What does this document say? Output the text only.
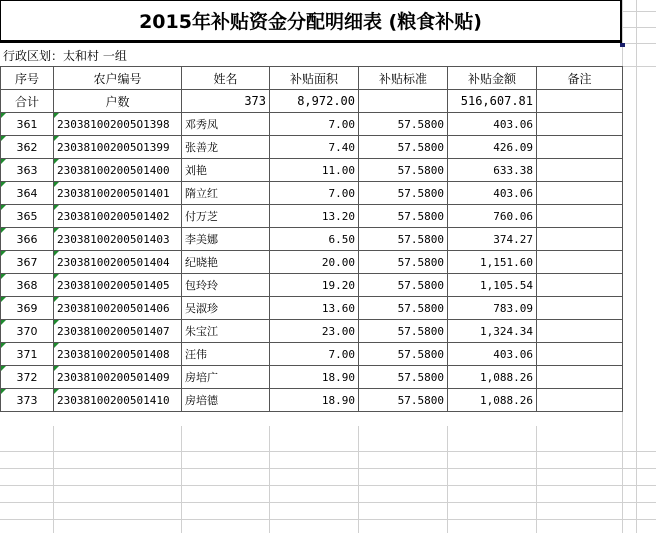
2015年补贴资金分配明细表 (粮食补贴)
行政区划：太和村 一组
序号	农户编号	姓名	补贴面积	补贴标准	补贴金额	备注
合计	户数	373	8,972.00		516,607.81	

361	230381002005O1398	邓秀凤	7.00	57.5800	403.06	

362	230381002005O1399	张善龙	7.40	57.5800	426.09	

363	23038100200501400	刘艳	11.00	57.5800	633.38	

364	23038100200501401	隋立红	7.00	57.5800	403.06	

365	23038100200501402	付万芝	13.20	57.5800	760.06	

366	23038100200501403	李美娜	6.50	57.5800	374.27	

367	23038100200501404	纪晓艳	20.00	57.5800	1,151.60	

368	23038100200501405	包玲玲	19.20	57.5800	1,105.54	

369	23038100200501406	吴淑珍	13.60	57.5800	783.09	

370	23038100200501407	朱宝江	23.00	57.5800	1,324.34	

371	23038100200501408	汪伟	7.00	57.5800	403.06	

372	23038100200501409	房培广	18.90	57.5800	1,088.26	

373	23038100200501410	房培德	18.90	57.5800	1,088.26	
